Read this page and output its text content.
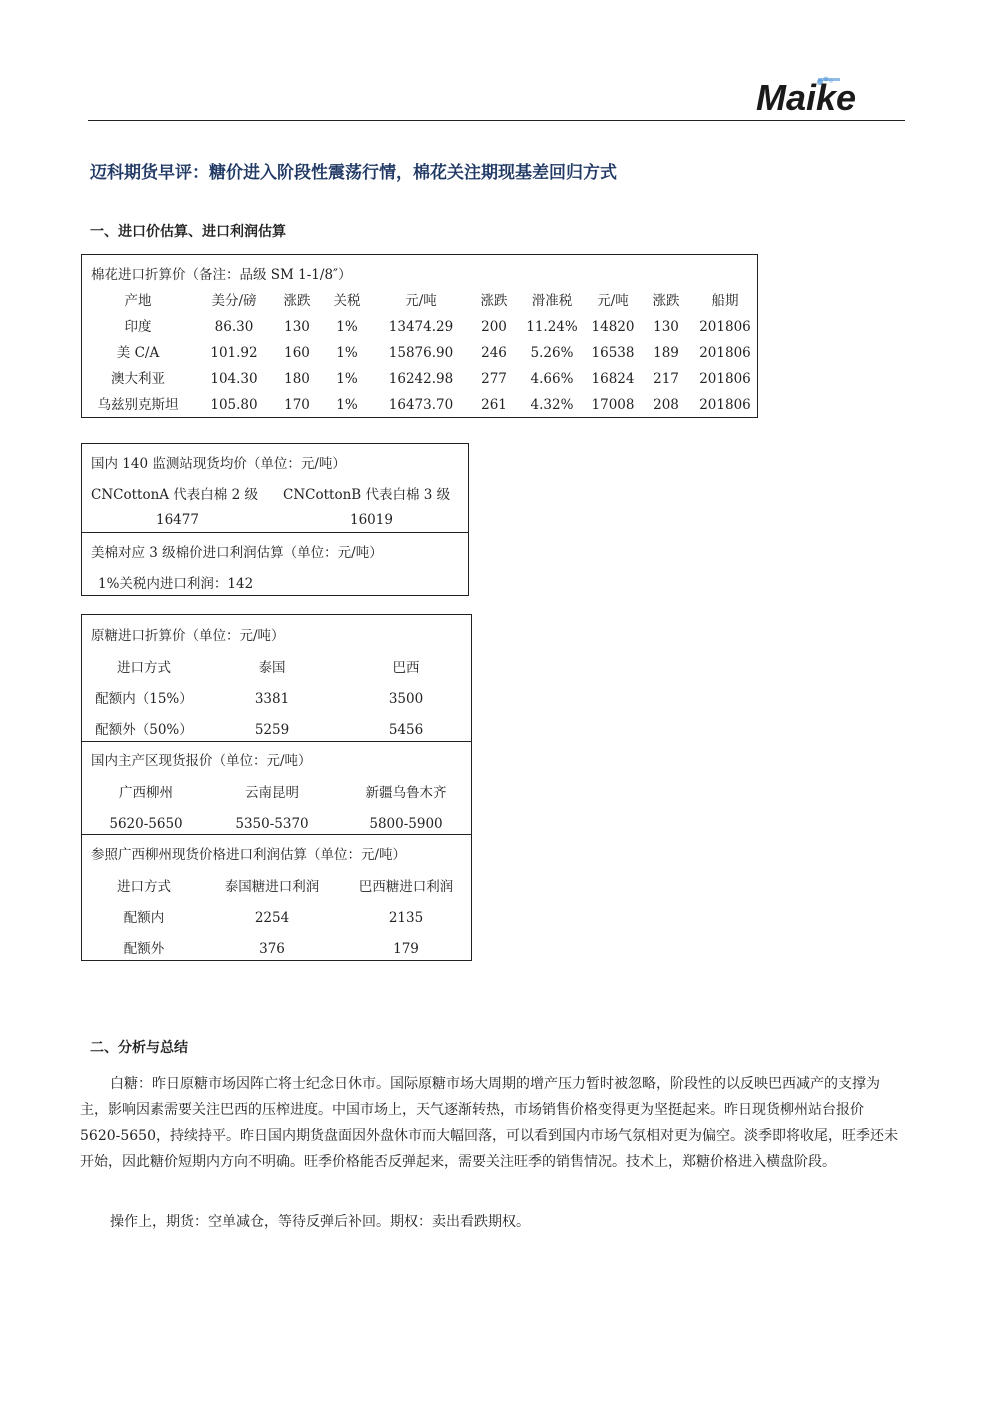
Maike
迈科期货早评：糖价进入阶段性震荡行情，棉花关注期现基差回归方式
一、进口价估算、进口利润估算
棉花进口折算价（备注：品级 SM 1-1/8″）
产地	美分/磅	涨跌	关税	元/吨	涨跌	滑准税	元/吨	涨跌	船期
印度	86.30	130	1%	13474.29	200	11.24%	14820	130	201806
美 C/A	101.92	160	1%	15876.90	246	5.26%	16538	189	201806
澳大利亚	104.30	180	1%	16242.98	277	4.66%	16824	217	201806
乌兹别克斯坦	105.80	170	1%	16473.70	261	4.32%	17008	208	201806
国内 140 监测站现货均价（单位：元/吨）
CNCottonA 代表白棉 2 级 CNCottonB 代表白棉 3 级
16477	16019
美棉对应 3 级棉价进口利润估算（单位：元/吨）
1%关税内进口利润：142
原糖进口折算价（单位：元/吨）
进口方式	泰国	巴西
配额内（15%）	3381	3500
配额外（50%）	5259	5456
国内主产区现货报价（单位：元/吨）
广西柳州	云南昆明	新疆乌鲁木齐
5620-5650	5350-5370	5800-5900
参照广西柳州现货价格进口利润估算（单位：元/吨）
进口方式	泰国糖进口利润	巴西糖进口利润
配额内	2254	2135
配额外	376	179
二、分析与总结
白糖：昨日原糖市场因阵亡将士纪念日休市。国际原糖市场大周期的增产压力暂时被忽略，阶段性的以反映巴西减产的支撑为主，影响因素需要关注巴西的压榨进度。中国市场上，天气逐渐转热，市场销售价格变得更为坚挺起来。昨日现货柳州站台报价 5620-5650，持续持平。昨日国内期货盘面因外盘休市而大幅回落，可以看到国内市场气氛相对更为偏空。淡季即将收尾，旺季还未开始，因此糖价短期内方向不明确。旺季价格能否反弹起来，需要关注旺季的销售情况。技术上，郑糖价格进入横盘阶段。
操作上，期货：空单减仓，等待反弹后补回。期权：卖出看跌期权。
